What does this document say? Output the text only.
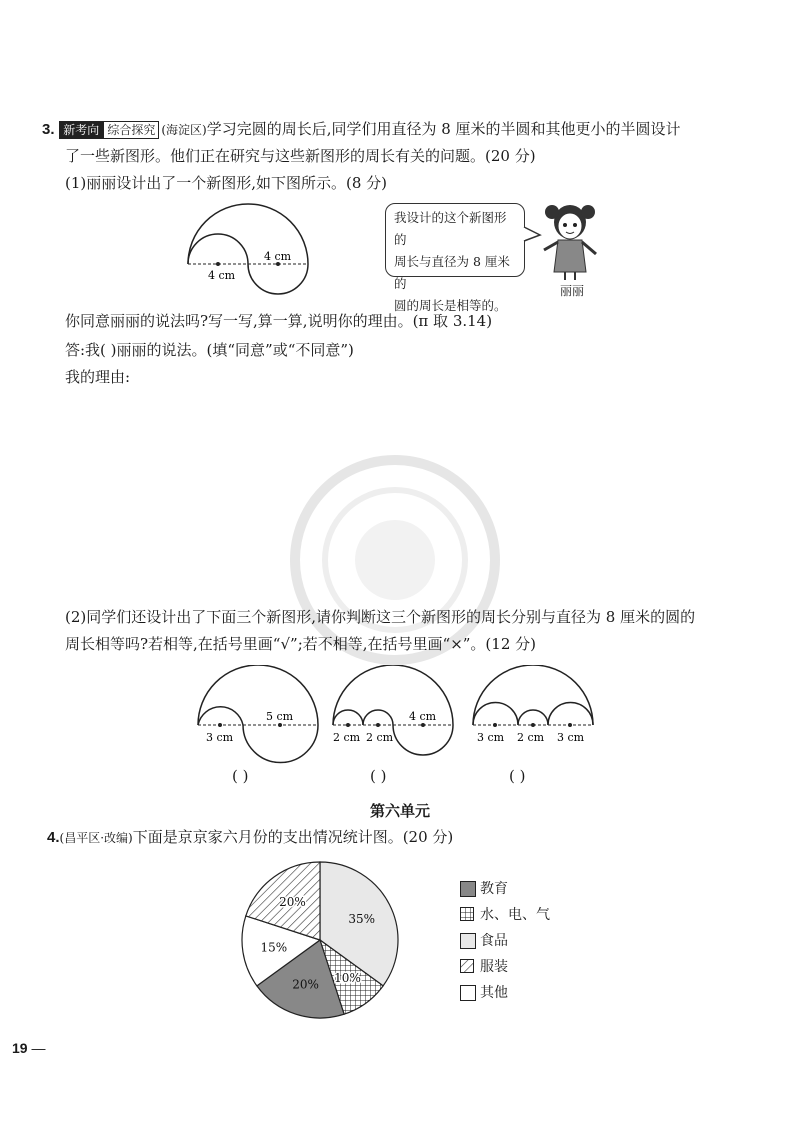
3. 新考向 综合探究 (海淀区)学习完圆的周长后,同学们用直径为 8 厘米的半圆和其他更小的半圆设计
了一些新图形。他们正在研究与这些新图形的周长有关的问题。(20 分)
(1)丽丽设计出了一个新图形,如下图所示。(8 分)
4 cm
4 cm
我设计的这个新图形的
周长与直径为 8 厘米的
圆的周长是相等的。
丽丽
你同意丽丽的说法吗?写一写,算一算,说明你的理由。(π 取 3.14)
答:我( )丽丽的说法。(填“同意”或“不同意”)
我的理由:
(2)同学们还设计出了下面三个新图形,请你判断这三个新图形的周长分别与直径为 8 厘米的圆的
周长相等吗?若相等,在括号里画“√”;若不相等,在括号里画“×”。(12 分)
5 cm
3 cm
4 cm
2 cm 2 cm	3 cm 2 cm 3 cm
( )	( )	( )
第六单元
4.(昌平区·改编)下面是京京家六月份的支出情况统计图。(20 分)
35%
10%
20%
15%
20%
教育
水、电、气
食品
服装
其他
19 —
